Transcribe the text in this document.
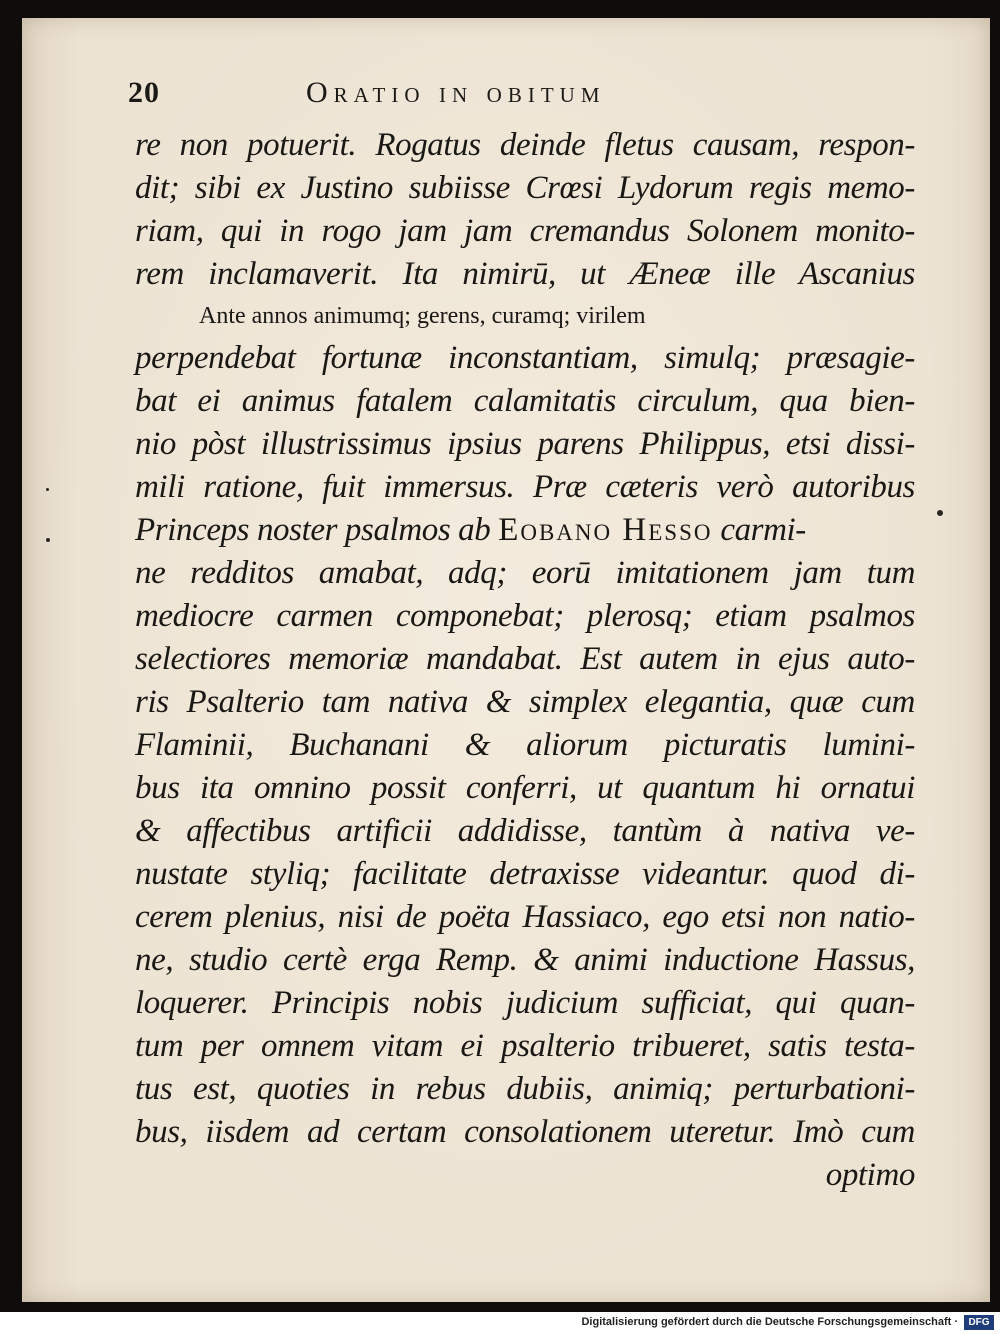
20	Oratio in obitum
re non potuerit. Rogatus deinde fletus causam, respon-
dit; sibi ex Justino subiisse Crœsi Lydorum regis memo-
riam, qui in rogo jam jam cremandus Solonem monito-
rem inclamaverit. Ita nimirū, ut Æneæ ille Ascanius
Ante annos animumq; gerens, curamq; virilem
perpendebat fortunæ inconstantiam, simulq; præsagie-
bat ei animus fatalem calamitatis circulum, qua bien-
nio pòst illustrissimus ipsius parens Philippus, etsi dissi-
mili ratione, fuit immersus. Præ cæteris verò autoribus
Princeps noster psalmos ab Eobano Hesso carmi-
ne redditos amabat, adq; eorū imitationem jam tum
mediocre carmen componebat; plerosq; etiam psalmos
selectiores memoriæ mandabat. Est autem in ejus auto-
ris Psalterio tam nativa & simplex elegantia, quæ cum
Flaminii, Buchanani & aliorum picturatis lumini-
bus ita omnino possit conferri, ut quantum hi ornatui
& affectibus artificii addidisse, tantùm à nativa ve-
nustate styliq; facilitate detraxisse videantur. quod di-
cerem plenius, nisi de poëta Hassiaco, ego etsi non natio-
ne, studio certè erga Remp. & animi inductione Hassus,
loquerer. Principis nobis judicium sufficiat, qui quan-
tum per omnem vitam ei psalterio tribueret, satis testa-
tus est, quoties in rebus dubiis, animiq; perturbationi-
bus, iisdem ad certam consolationem uteretur. Imò cum
optimo
Digitalisierung gefördert durch die Deutsche Forschungsgemeinschaft ·	DFG
